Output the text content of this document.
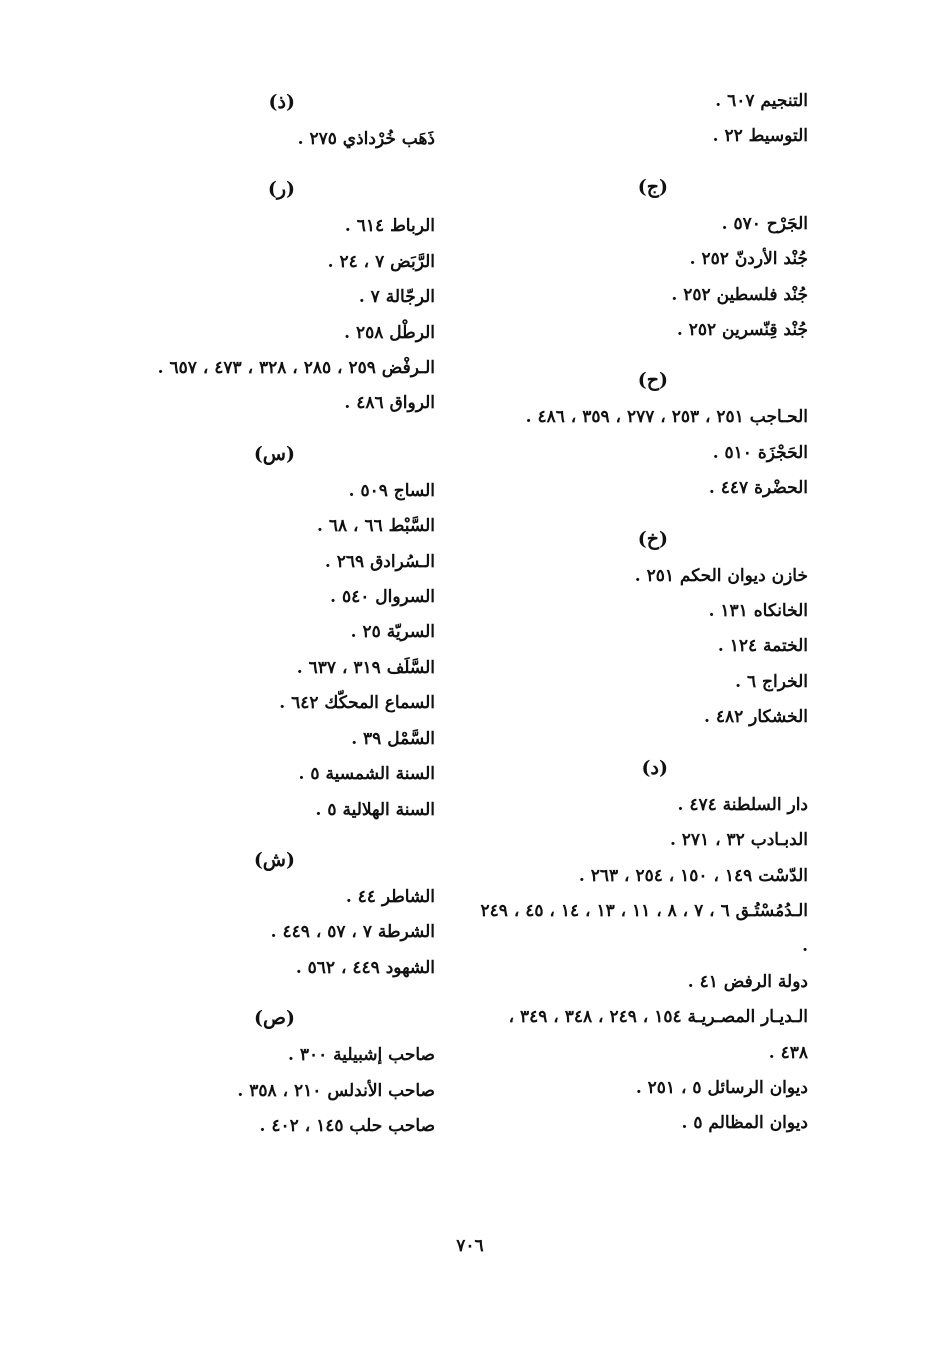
التنجيم ٦٠٧ .
التوسيط ٢٢ .
(ج)
الجَرْح ٥٧٠ .
جُنْد الأردنّ ٢٥٢ .
جُنْد فلسطين ٢٥٢ .
جُنْد قِنّسرين ٢٥٢ .
(ح)
الحـاجب ٢٥١ ، ٢٥٣ ، ٢٧٧ ، ٣٥٩ ، ٤٨٦ .
الحَجْزَة ٥١٠ .
الحضْرة ٤٤٧ .
(خ)
خازن ديوان الحكم ٢٥١ .
الخانكاه ١٣١ .
الختمة ١٢٤ .
الخراج ٦ .
الخشكار ٤٨٢ .
(د)
دار السلطنة ٤٧٤ .
الدبـادب ٣٢ ، ٢٧١ .
الدّسْت ١٤٩ ، ١٥٠ ، ٢٥٤ ، ٢٦٣ .
الـدُمُسْتُـق ٦ ، ٧ ، ٨ ، ١١ ، ١٣ ، ١٤ ، ٤٥ ، ٢٤٩ .
دولة الرفض ٤١ .
الـديـار المصـريـة ١٥٤ ، ٢٤٩ ، ٣٤٨ ، ٣٤٩ ، ٤٣٨ .
ديوان الرسائل ٥ ، ٢٥١ .
ديوان المظالم ٥ .
(ذ)
ذَهَب خُرْداذي ٢٧٥ .
(ر)
الرباط ٦١٤ .
الرَّبَض ٧ ، ٢٤ .
الرجّالة ٧ .
الرطْل ٢٥٨ .
الـرفْض ٢٥٩ ، ٢٨٥ ، ٣٢٨ ، ٤٧٣ ، ٦٥٧ .
الرواق ٤٨٦ .
(س)
الساج ٥٠٩ .
السَّبْط ٦٦ ، ٦٨ .
الـسُرادق ٢٦٩ .
السروال ٥٤٠ .
السريّة ٢٥ .
السَّلَف ٣١٩ ، ٦٣٧ .
السماع المحكّك ٦٤٢ .
السَّمْل ٣٩ .
السنة الشمسية ٥ .
السنة الهلالية ٥ .
(ش)
الشاطر ٤٤ .
الشرطة ٧ ، ٥٧ ، ٤٤٩ .
الشهود ٤٤٩ ، ٥٦٢ .
(ص)
صاحب إشبيلية ٣٠٠ .
صاحب الأندلس ٢١٠ ، ٣٥٨ .
صاحب حلب ١٤٥ ، ٤٠٢ .
٧٠٦
